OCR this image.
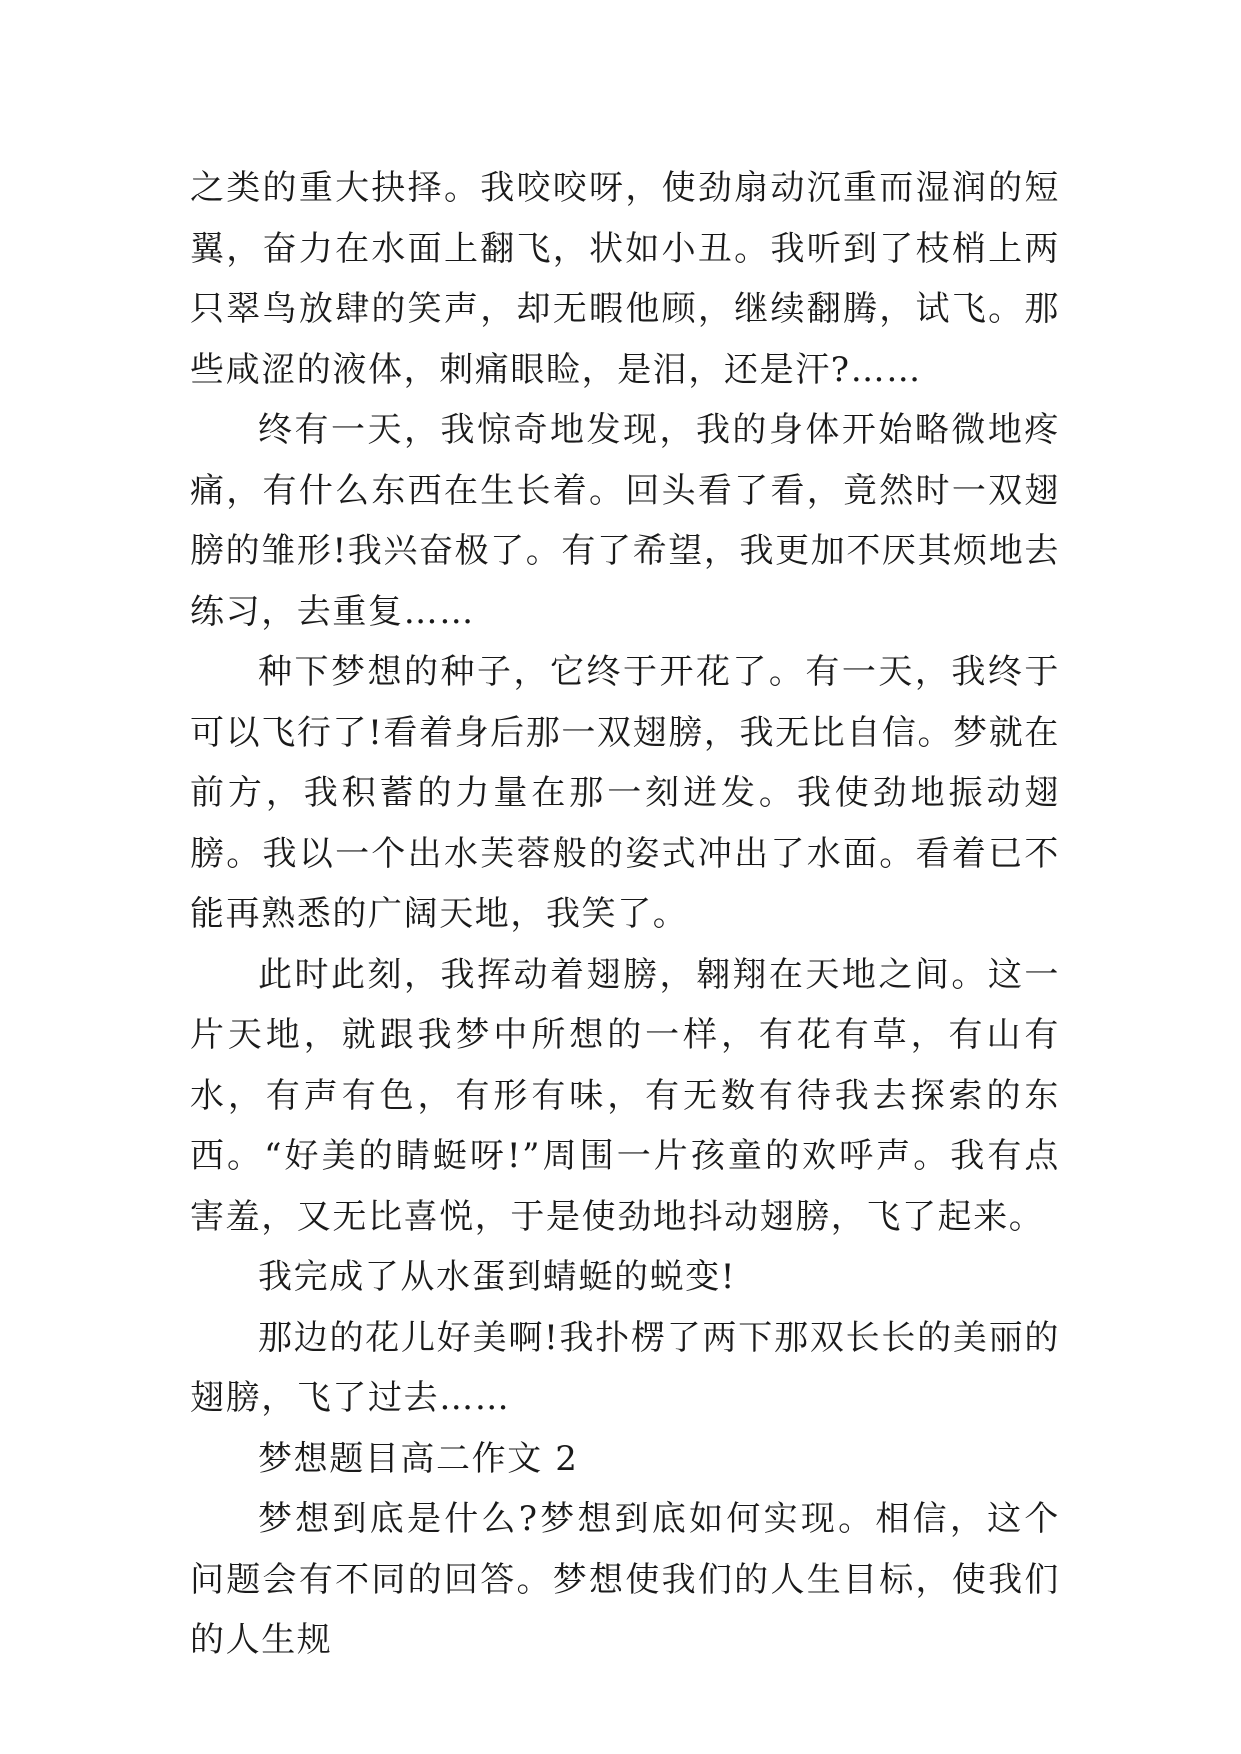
之类的重大抉择。我咬咬呀，使劲扇动沉重而湿润的短翼，奋力在水面上翻飞，状如小丑。我听到了枝梢上两只翠鸟放肆的笑声，却无暇他顾，继续翻腾，试飞。那些咸涩的液体，刺痛眼睑，是泪，还是汗?……

终有一天，我惊奇地发现，我的身体开始略微地疼痛，有什么东西在生长着。回头看了看，竟然时一双翅膀的雏形!我兴奋极了。有了希望，我更加不厌其烦地去练习，去重复……

种下梦想的种子，它终于开花了。有一天，我终于可以飞行了!看着身后那一双翅膀，我无比自信。梦就在前方，我积蓄的力量在那一刻迸发。我使劲地振动翅膀。我以一个出水芙蓉般的姿式冲出了水面。看着已不能再熟悉的广阔天地，我笑了。

此时此刻，我挥动着翅膀，翱翔在天地之间。这一片天地，就跟我梦中所想的一样，有花有草，有山有水，有声有色，有形有味，有无数有待我去探索的东西。“好美的睛蜓呀!”周围一片孩童的欢呼声。我有点害羞，又无比喜悦，于是使劲地抖动翅膀，飞了起来。

我完成了从水蛋到蜻蜓的蜕变!

那边的花儿好美啊!我扑楞了两下那双长长的美丽的翅膀，飞了过去……

梦想题目高二作文 2

梦想到底是什么?梦想到底如何实现。相信，这个问题会有不同的回答。梦想使我们的人生目标，使我们的人生规
